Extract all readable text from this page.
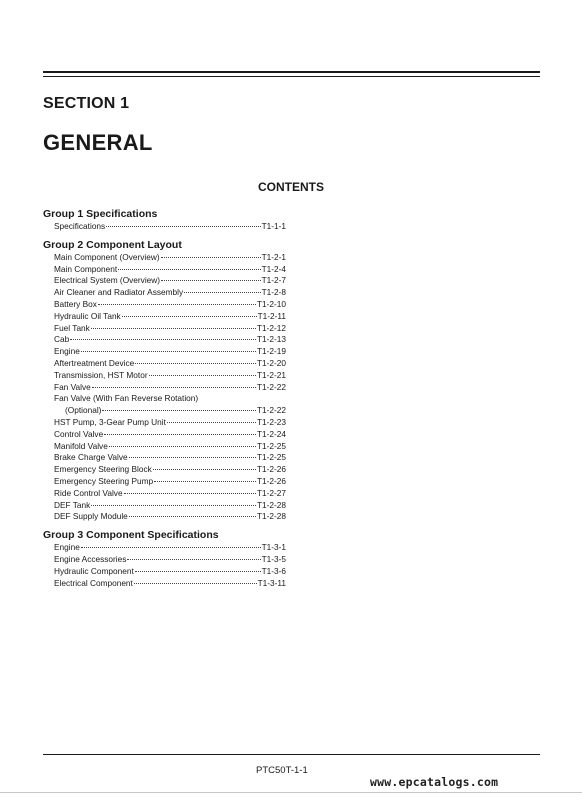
SECTION 1
GENERAL
CONTENTS
Group 1 Specifications
Specifications	T1-1-1
Group 2 Component Layout
Main Component (Overview)	T1-2-1
Main Component	T1-2-4
Electrical System (Overview)	T1-2-7
Air Cleaner and Radiator Assembly	T1-2-8
Battery Box	T1-2-10
Hydraulic Oil Tank	T1-2-11
Fuel Tank	T1-2-12
Cab	T1-2-13
Engine	T1-2-19
Aftertreatment Device	T1-2-20
Transmission, HST Motor	T1-2-21
Fan Valve	T1-2-22
Fan Valve (With Fan Reverse Rotation)
(Optional)	T1-2-22
HST Pump, 3-Gear Pump Unit	T1-2-23
Control Valve	T1-2-24
Manifold Valve	T1-2-25
Brake Charge Valve	T1-2-25
Emergency Steering Block	T1-2-26
Emergency Steering Pump	T1-2-26
Ride Control Valve	T1-2-27
DEF Tank	T1-2-28
DEF Supply Module	T1-2-28
Group 3 Component Specifications
Engine	T1-3-1
Engine Accessories	T1-3-5
Hydraulic Component	T1-3-6
Electrical Component	T1-3-11

PTC50T-1-1

www.epcatalogs.com
